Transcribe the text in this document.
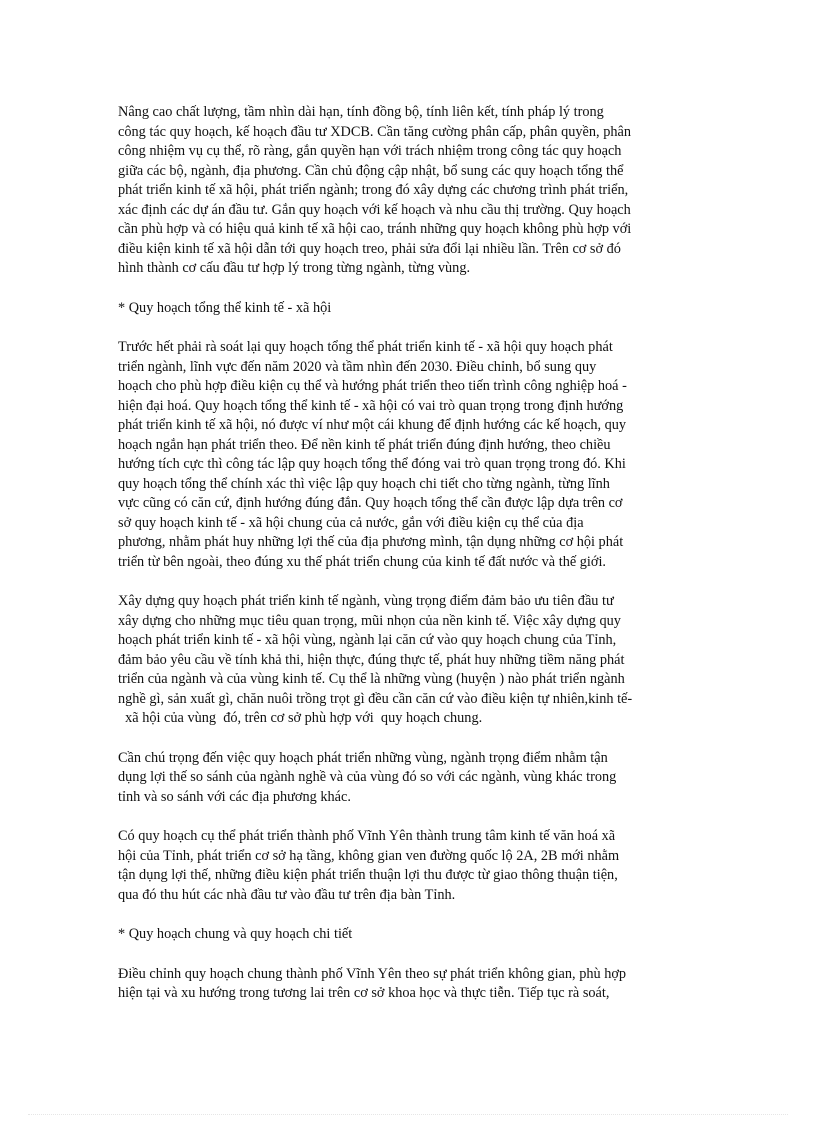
Nâng cao chất lượng, tầm nhìn dài hạn, tính đồng bộ, tính liên kết, tính pháp lý trong
công tác quy hoạch, kế hoạch đầu tư XDCB. Cần tăng cường phân cấp, phân quyền, phân
công nhiệm vụ cụ thể, rõ ràng, gắn quyền hạn với trách nhiệm trong công tác quy hoạch
giữa các bộ, ngành, địa phương. Cần chủ động cập nhật, bổ sung các quy hoạch tổng thể
phát triển kinh tế xã hội, phát triển ngành; trong đó xây dựng các chương trình phát triển,
xác định các dự án đầu tư. Gắn quy hoạch với kế hoạch và nhu cầu thị trường. Quy hoạch
cần phù hợp và có hiệu quả kinh tế xã hội cao, tránh những quy hoạch không phù hợp với
điều kiện kinh tế xã hội dẫn tới quy hoạch treo, phải sửa đổi lại nhiều lần. Trên cơ sở đó
hình thành cơ cấu đầu tư hợp lý trong từng ngành, từng vùng.
* Quy hoạch tổng thể kinh tế - xã hội
Trước hết phải rà soát lại quy hoạch tổng thể phát triển kinh tế - xã hội quy hoạch phát
triển ngành, lĩnh vực đến năm 2020 và tầm nhìn đến 2030. Điều chỉnh, bổ sung quy
hoạch cho phù hợp điều kiện cụ thể và hướng phát triển theo tiến trình công nghiệp hoá -
hiện đại hoá. Quy hoạch tổng thể kinh tế - xã hội có vai trò quan trọng trong định hướng
phát triển kinh tế xã hội, nó được ví như một cái khung để định hướng các kế hoạch, quy
hoạch ngắn hạn phát triển theo. Để nền kinh tế phát triển đúng định hướng, theo chiều
hướng tích cực thì công tác lập quy hoạch tổng thể đóng vai trò quan trọng trong đó. Khi
quy hoạch tổng thể chính xác thì việc lập quy hoạch chi tiết cho từng ngành, từng lĩnh
vực cũng có căn cứ, định hướng đúng đắn. Quy hoạch tổng thể cần được lập dựa trên cơ
sở quy hoạch kinh tế - xã hội chung của cả nước, gắn với điều kiện cụ thể của địa
phương, nhằm phát huy những lợi thế của địa phương mình, tận dụng những cơ hội phát
triển từ bên ngoài, theo đúng xu thế phát triển chung của kinh tế đất nước và thế giới.
Xây dựng quy hoạch phát triển kinh tế ngành, vùng trọng điểm đảm bảo ưu tiên đầu tư
xây dựng cho những mục tiêu quan trọng, mũi nhọn của nền kinh tế. Việc xây dựng quy
hoạch phát triển kinh tế - xã hội vùng, ngành lại căn cứ vào quy hoạch chung của Tỉnh,
đảm bảo yêu cầu về tính khả thi, hiện thực, đúng thực tế, phát huy những tiềm năng phát
triển của ngành và của vùng kinh tế. Cụ thể là những vùng (huyện ) nào phát triển ngành
nghề gì, sản xuất gì, chăn nuôi trồng trọt gì đều cần căn cứ vào điều kiện tự nhiên,kinh tế-
xã hội của vùng  đó, trên cơ sở phù hợp với  quy hoạch chung.
Cần chú trọng đến việc quy hoạch phát triển những vùng, ngành trọng điểm nhằm tận
dụng lợi thế so sánh của ngành nghề và của vùng đó so với các ngành, vùng khác trong
tỉnh và so sánh với các địa phương khác.
Có quy hoạch cụ thể phát triển thành phố Vĩnh Yên thành trung tâm kinh tế văn hoá xã
hội của Tỉnh, phát triển cơ sở hạ tầng, không gian ven đường quốc lộ 2A, 2B mới nhằm
tận dụng lợi thế, những điều kiện phát triển thuận lợi thu được từ giao thông thuận tiện,
qua đó thu hút các nhà đầu tư vào đầu tư trên địa bàn Tỉnh.
* Quy hoạch chung và quy hoạch chi tiết
Điều chỉnh quy hoạch chung thành phố Vĩnh Yên theo sự phát triển không gian, phù hợp
hiện tại và xu hướng trong tương lai trên cơ sở khoa học và thực tiễn. Tiếp tục rà soát,
